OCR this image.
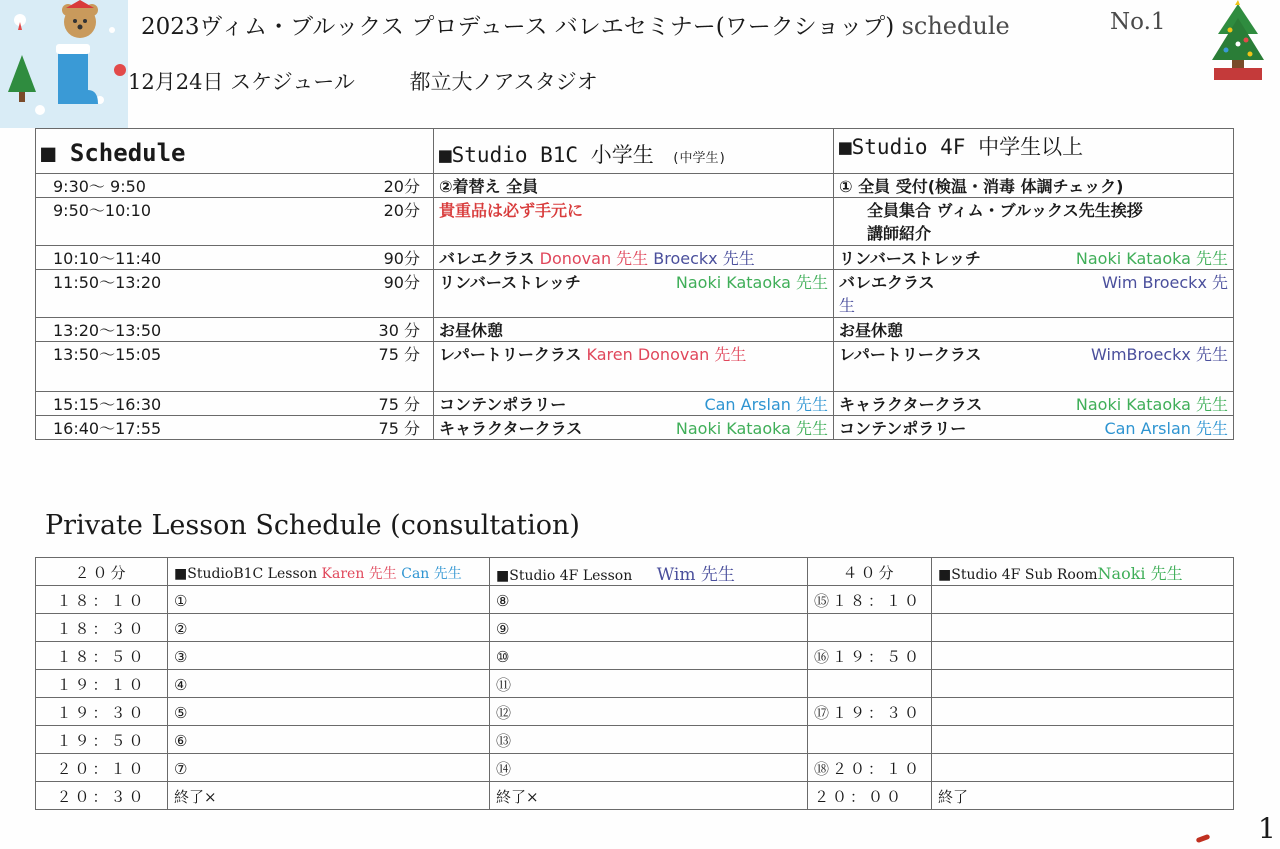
2023ヴィム・ブルックス プロデュース バレエセミナー(ワークショップ) schedule	No.1
12月24日 スケジュール	都立大ノアスタジオ
■ Schedule	■Studio B1C 小学生 (中学生)	■Studio 4F 中学生以上

9:30～ 9:50 20分	②着替え 全員	① 全員 受付(検温・消毒 体調チェック)

9:50～10:10 20分	貴重品は必ず手元に	全員集合 ヴィム・ブルックス先生挨拶
講師紹介

10:10～11:40 90分	バレエクラス Donovan 先生 Broeckx 先生	リンバーストレッチ Naoki Kataoka 先生

11:50～13:20 90分	リンバーストレッチ Naoki Kataoka 先生	バレエクラス Wim Broeckx 先

生

13:20～13:50 30 分	お昼休憩	お昼休憩

13:50～15:05 75 分	レパートリークラス Karen Donovan 先生	レパートリークラス WimBroeckx 先生

15:15～16:30 75 分	コンテンポラリー Can Arslan 先生	キャラクタークラス Naoki Kataoka 先生

16:40～17:55 75 分	キャラクタークラス Naoki Kataoka 先生	コンテンポラリー Can Arslan 先生
Private Lesson Schedule (consultation)
２０分	■StudioB1C Lesson Karen 先生 Can 先生	■Studio 4F Lesson Wim 先生	４０分	■Studio 4F Sub RoomNaoki 先生
１８：１０	①	⑧	⑮１８：１０	
１８：３０	②	⑨		
１８：５０	③	⑩	⑯１９：５０	
１９：１０	④	⑪		
１９：３０	⑤	⑫	⑰１９：３０	
１９：５０	⑥	⑬		
２０：１０	⑦	⑭	⑱２０：１０	
２０：３０	終了×	終了×	２０：００	終了
1
